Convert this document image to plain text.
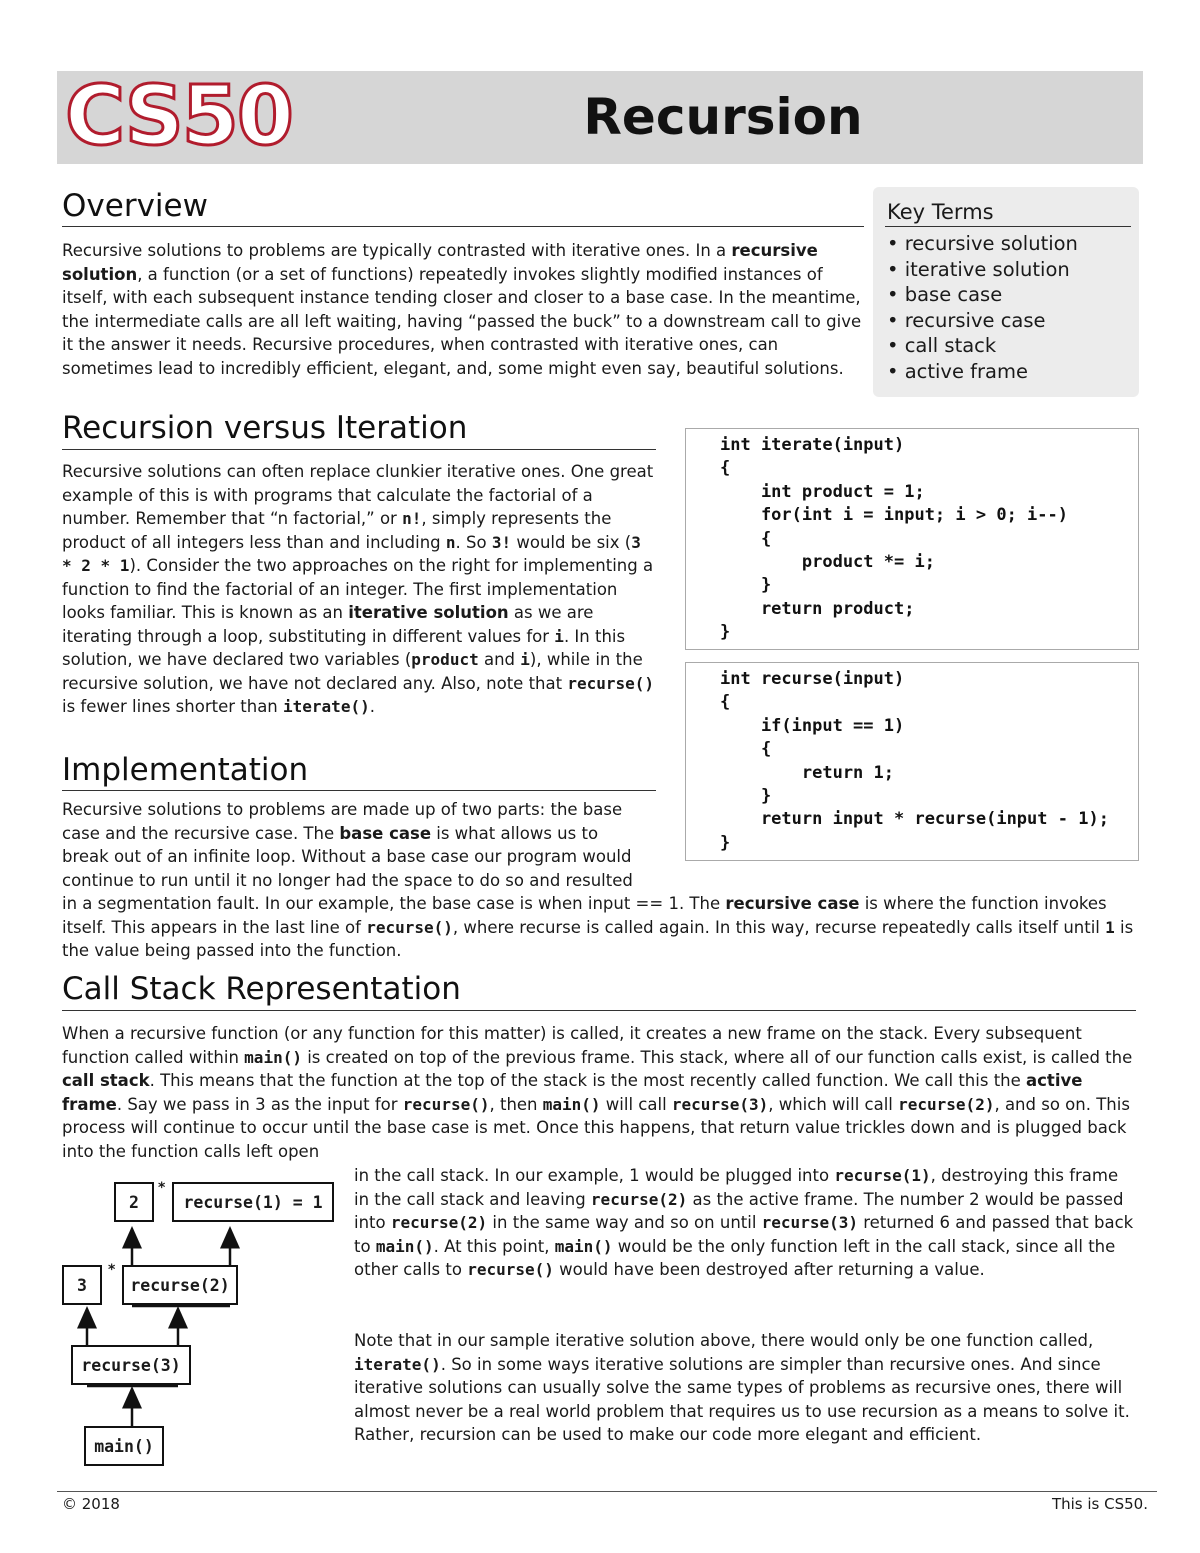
CS50	Recursion
Overview

Recursive solutions to problems are typically contrasted with iterative ones. In a recursive solution, a function (or a set of functions) repeatedly invokes slightly modified instances of itself, with each subsequent instance tending closer and closer to a base case. In the meantime, the intermediate calls are all left waiting, having “passed the buck” to a downstream call to give it the answer it needs. Recursive procedures, when contrasted with iterative ones, can sometimes lead to incredibly efficient, elegant, and, some might even say, beautiful solutions.

Key Terms
• recursive solution
• iterative solution
• base case
• recursive case
• call stack
• active frame
Recursion versus Iteration

Recursive solutions can often replace clunkier iterative ones. One great example of this is with programs that calculate the factorial of a number. Remember that “n factorial,” or n!, simply represents the product of all integers less than and including n. So 3! would be six (3 * 2 * 1). Consider the two approaches on the right for implementing a function to find the factorial of an integer. The first implementation looks familiar. This is known as an iterative solution as we are iterating through a loop, substituting in different values for i. In this solution, we have declared two variables (product and i), while in the recursive solution, we have not declared any. Also, note that recurse() is fewer lines shorter than iterate().

int iterate(input)
{
int product = 1;
for(int i = input; i > 0; i--)
{
product *= i;
}
return product;
}
int recurse(input)
{
if(input == 1)
{
return 1;
}
return input * recurse(input - 1);
}
Implementation

Recursive solutions to problems are made up of two parts: the base case and the recursive case. The base case is what allows us to break out of an infinite loop. Without a base case our program would continue to run until it no longer had the space to do so and resulted in a segmentation fault. In our example, the base case is when input == 1. The recursive case is where the function invokes itself. This appears in the last line of recurse(), where recurse is called again. In this way, recurse repeatedly calls itself until 1 is the value being passed into the function.

Call Stack Representation

When a recursive function (or any function for this matter) is called, it creates a new frame on the stack. Every subsequent function called within main() is created on top of the previous frame. This stack, where all of our function calls exist, is called the call stack. This means that the function at the top of the stack is the most recently called function. We call this the active frame. Say we pass in 3 as the input for recurse(), then main() will call recurse(3), which will call recurse(2), and so on. This process will continue to occur until the base case is met. Once this happens, that return value trickles down and is plugged back into the function calls left open

in the call stack. In our example, 1 would be plugged into recurse(1), destroying this frame in the call stack and leaving recurse(2) as the active frame. The number 2 would be passed into recurse(2) in the same way and so on until recurse(3) returned 6 and passed that back to main(). At this point, main() would be the only function left in the call stack, since all the other calls to recurse() would have been destroyed after returning a value.

Note that in our sample iterative solution above, there would only be one function called, iterate(). So in some ways iterative solutions are simpler than recursive ones. And since iterative solutions can usually solve the same types of problems as recursive ones, there will almost never be a real world problem that requires us to use recursion as a means to solve it. Rather, recursion can be used to make our code more elegant and efficient.

2
*
recurse(1) = 1
3
*
recurse(2)
recurse(3)
main()
© 2018	This is CS50.
